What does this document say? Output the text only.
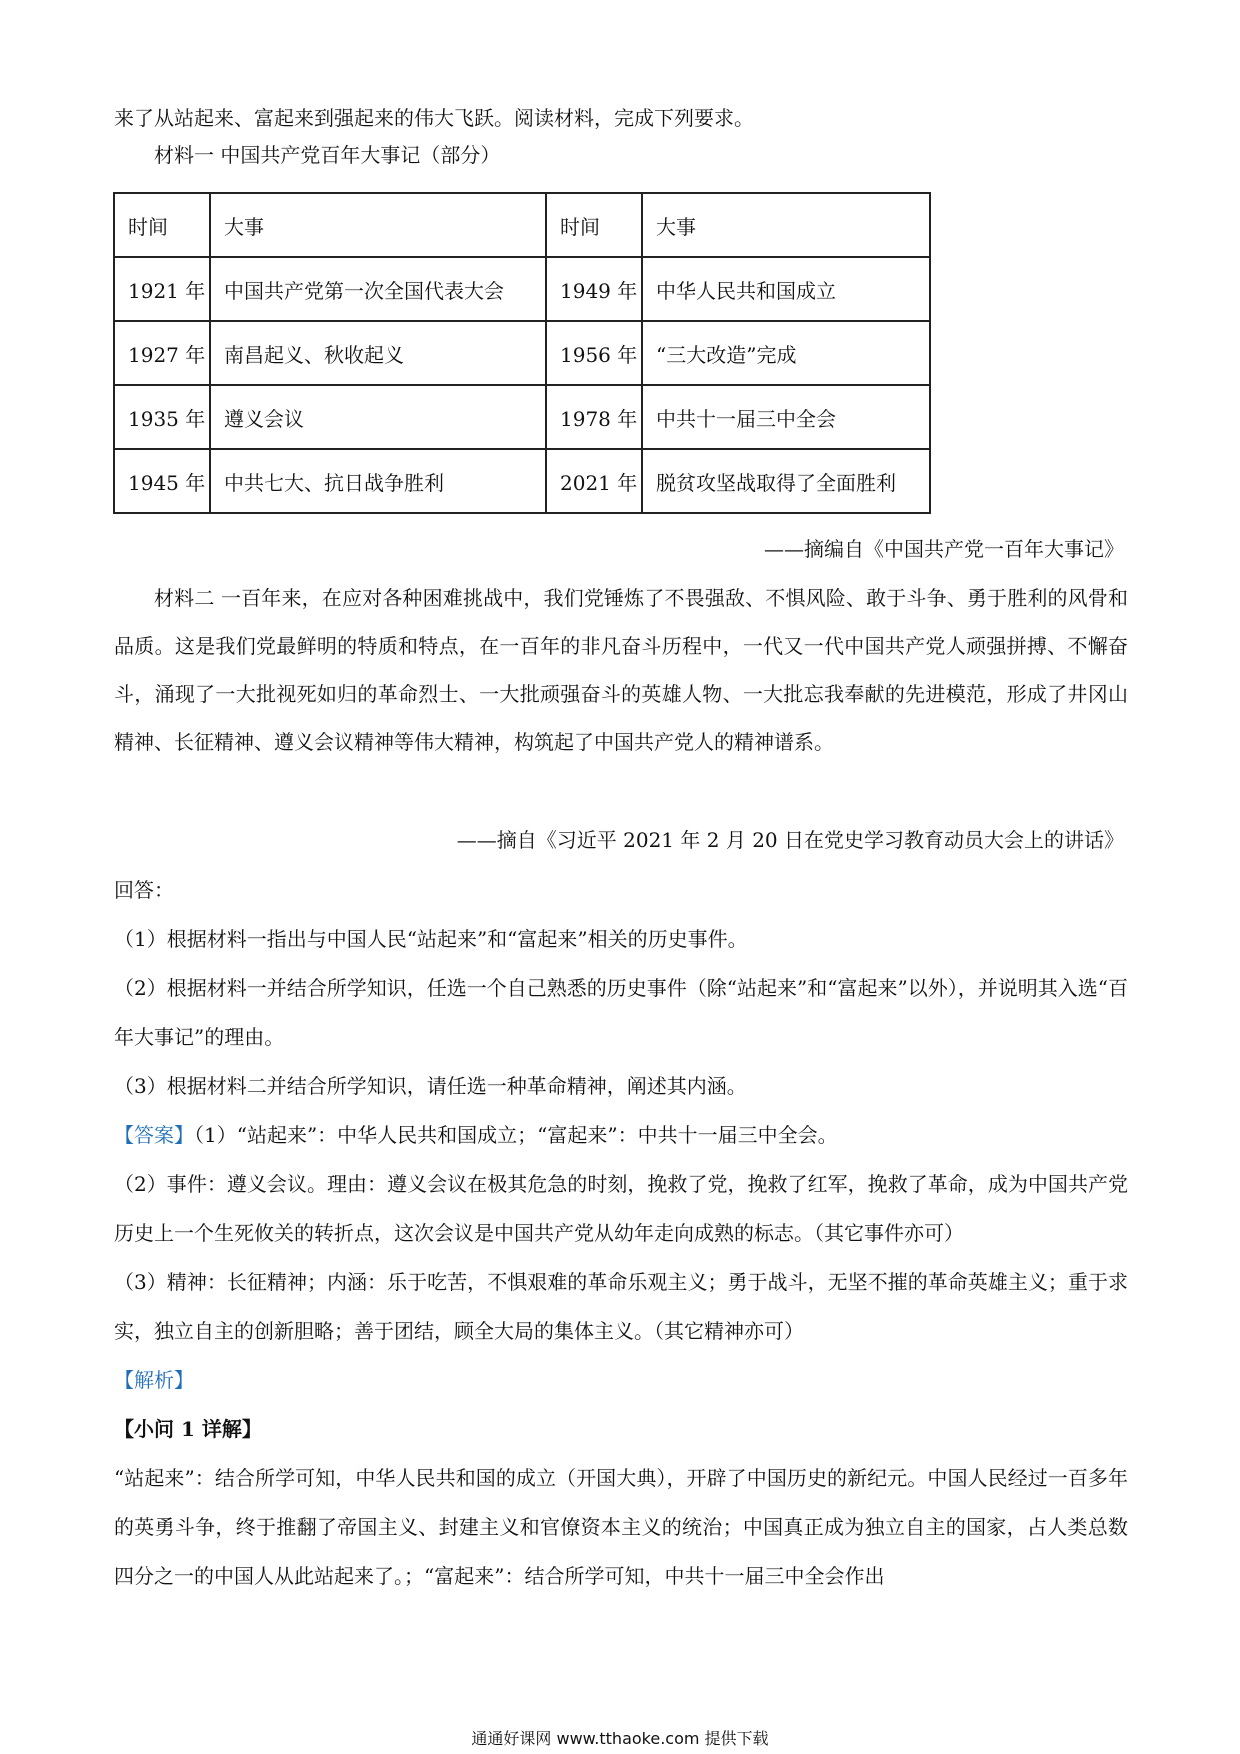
来了从站起来、富起来到强起来的伟大飞跃。阅读材料，完成下列要求。

材料一 中国共产党百年大事记（部分）

时间	大事	时间	大事
1921 年	中国共产党第一次全国代表大会	1949 年	中华人民共和国成立
1927 年	南昌起义、秋收起义	1956 年	“三大改造”完成
1935 年	遵义会议	1978 年	中共十一届三中全会
1945 年	中共七大、抗日战争胜利	2021 年	脱贫攻坚战取得了全面胜利
——摘编自《中国共产党一百年大事记》

材料二 一百年来，在应对各种困难挑战中，我们党锤炼了不畏强敌、不惧风险、敢于斗争、勇于胜利的风骨和品质。这是我们党最鲜明的特质和特点，在一百年的非凡奋斗历程中，一代又一代中国共产党人顽强拼搏、不懈奋斗，涌现了一大批视死如归的革命烈士、一大批顽强奋斗的英雄人物、一大批忘我奉献的先进模范，形成了井冈山精神、长征精神、遵义会议精神等伟大精神，构筑起了中国共产党人的精神谱系。

——摘自《习近平 2021 年 2 月 20 日在党史学习教育动员大会上的讲话》

回答：

（1）根据材料一指出与中国人民“站起来”和“富起来”相关的历史事件。

（2）根据材料一并结合所学知识，任选一个自己熟悉的历史事件（除“站起来”和“富起来”以外），并说明其入选“百年大事记”的理由。

（3）根据材料二并结合所学知识，请任选一种革命精神，阐述其内涵。

【答案】（1）“站起来”：中华人民共和国成立；“富起来”：中共十一届三中全会。

（2）事件：遵义会议。理由：遵义会议在极其危急的时刻，挽救了党，挽救了红军，挽救了革命，成为中国共产党历史上一个生死攸关的转折点，这次会议是中国共产党从幼年走向成熟的标志。（其它事件亦可）

（3）精神：长征精神；内涵：乐于吃苦，不惧艰难的革命乐观主义；勇于战斗，无坚不摧的革命英雄主义；重于求实，独立自主的创新胆略；善于团结，顾全大局的集体主义。（其它精神亦可）

【解析】

【小问 1 详解】

“站起来”：结合所学可知，中华人民共和国的成立（开国大典），开辟了中国历史的新纪元。中国人民经过一百多年的英勇斗争，终于推翻了帝国主义、封建主义和官僚资本主义的统治；中国真正成为独立自主的国家，占人类总数四分之一的中国人从此站起来了。；“富起来”：结合所学可知，中共十一届三中全会作出

通通好课网 www.tthaoke.com 提供下载
